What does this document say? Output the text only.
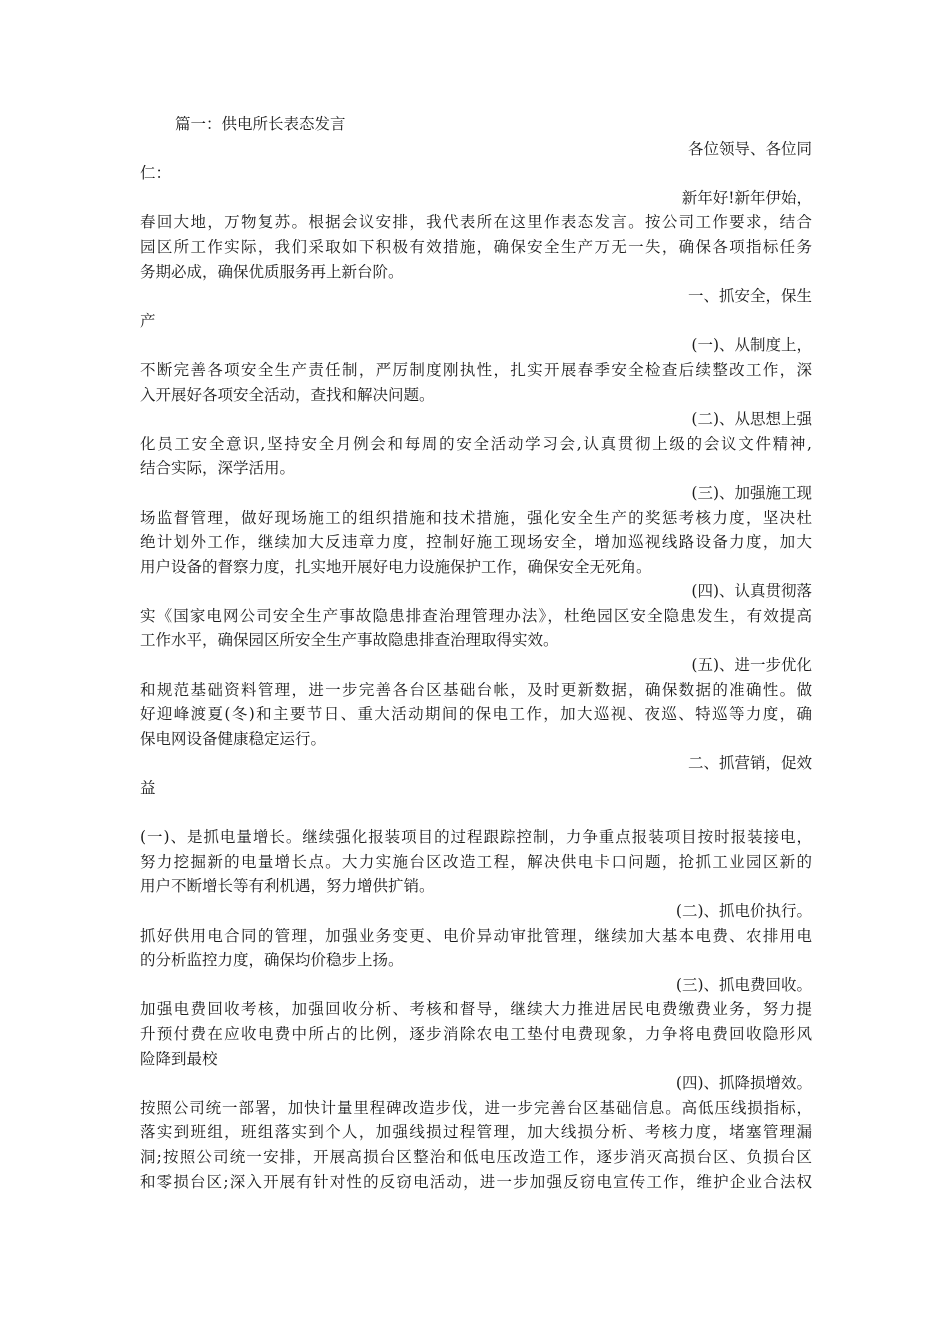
篇一：供电所长表态发言
各位领导、各位同
仁：
新年好!新年伊始，
春回大地，万物复苏。根据会议安排，我代表所在这里作表态发言。按公司工作要求，结合
园区所工作实际，我们采取如下积极有效措施，确保安全生产万无一失，确保各项指标任务
务期必成，确保优质服务再上新台阶。
一、抓安全，保生
产
(一)、从制度上，
不断完善各项安全生产责任制，严厉制度刚执性，扎实开展春季安全检查后续整改工作，深
入开展好各项安全活动，查找和解决问题。
(二)、从思想上强
化员工安全意识,坚持安全月例会和每周的安全活动学习会,认真贯彻上级的会议文件精神,
结合实际，深学活用。
(三)、加强施工现
场监督管理，做好现场施工的组织措施和技术措施，强化安全生产的奖惩考核力度，坚决杜
绝计划外工作，继续加大反违章力度，控制好施工现场安全，增加巡视线路设备力度，加大
用户设备的督察力度，扎实地开展好电力设施保护工作，确保安全无死角。
(四)、认真贯彻落
实《国家电网公司安全生产事故隐患排查治理管理办法》，杜绝园区安全隐患发生，有效提高
工作水平，确保园区所安全生产事故隐患排查治理取得实效。
(五)、进一步优化
和规范基础资料管理，进一步完善各台区基础台帐，及时更新数据，确保数据的准确性。做
好迎峰渡夏(冬)和主要节日、重大活动期间的保电工作，加大巡视、夜巡、特巡等力度，确
保电网设备健康稳定运行。
二、抓营销，促效
益
(一)、是抓电量增长。继续强化报装项目的过程跟踪控制，力争重点报装项目按时报装接电，
努力挖掘新的电量增长点。大力实施台区改造工程，解决供电卡口问题，抢抓工业园区新的
用户不断增长等有利机遇，努力增供扩销。
(二)、抓电价执行。
抓好供用电合同的管理，加强业务变更、电价异动审批管理，继续加大基本电费、农排用电
的分析监控力度，确保均价稳步上扬。
(三)、抓电费回收。
加强电费回收考核，加强回收分析、考核和督导，继续大力推进居民电费缴费业务，努力提
升预付费在应收电费中所占的比例，逐步消除农电工垫付电费现象，力争将电费回收隐形风
险降到最校
(四)、抓降损增效。
按照公司统一部署，加快计量里程碑改造步伐，进一步完善台区基础信息。高低压线损指标，
落实到班组，班组落实到个人，加强线损过程管理，加大线损分析、考核力度，堵塞管理漏
洞;按照公司统一安排，开展高损台区整治和低电压改造工作，逐步消灭高损台区、负损台区
和零损台区;深入开展有针对性的反窃电活动，进一步加强反窃电宣传工作，维护企业合法权
